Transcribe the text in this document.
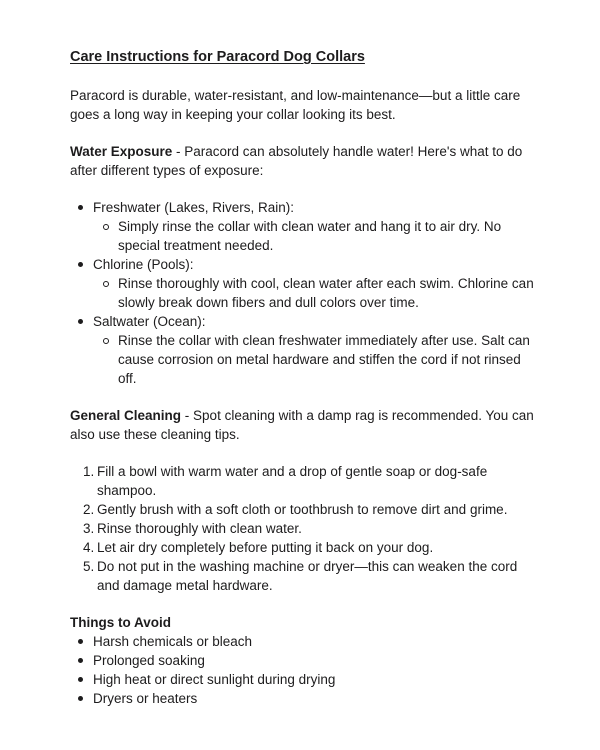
Care Instructions for Paracord Dog Collars

Paracord is durable, water-resistant, and low-maintenance—but a little care goes a long way in keeping your collar looking its best.

Water Exposure - Paracord can absolutely handle water! Here's what to do after different types of exposure:

Freshwater (Lakes, Rivers, Rain):
Simply rinse the collar with clean water and hang it to air dry. No special treatment needed.
Chlorine (Pools):
Rinse thoroughly with cool, clean water after each swim. Chlorine can slowly break down fibers and dull colors over time.
Saltwater (Ocean):
Rinse the collar with clean freshwater immediately after use. Salt can cause corrosion on metal hardware and stiffen the cord if not rinsed off.

General Cleaning - Spot cleaning with a damp rag is recommended. You can also use these cleaning tips.

1. Fill a bowl with warm water and a drop of gentle soap or dog-safe shampoo.
2. Gently brush with a soft cloth or toothbrush to remove dirt and grime.
3. Rinse thoroughly with clean water.
4. Let air dry completely before putting it back on your dog.
5. Do not put in the washing machine or dryer—this can weaken the cord and damage metal hardware.

Things to Avoid

Harsh chemicals or bleach
Prolonged soaking
High heat or direct sunlight during drying
Dryers or heaters
